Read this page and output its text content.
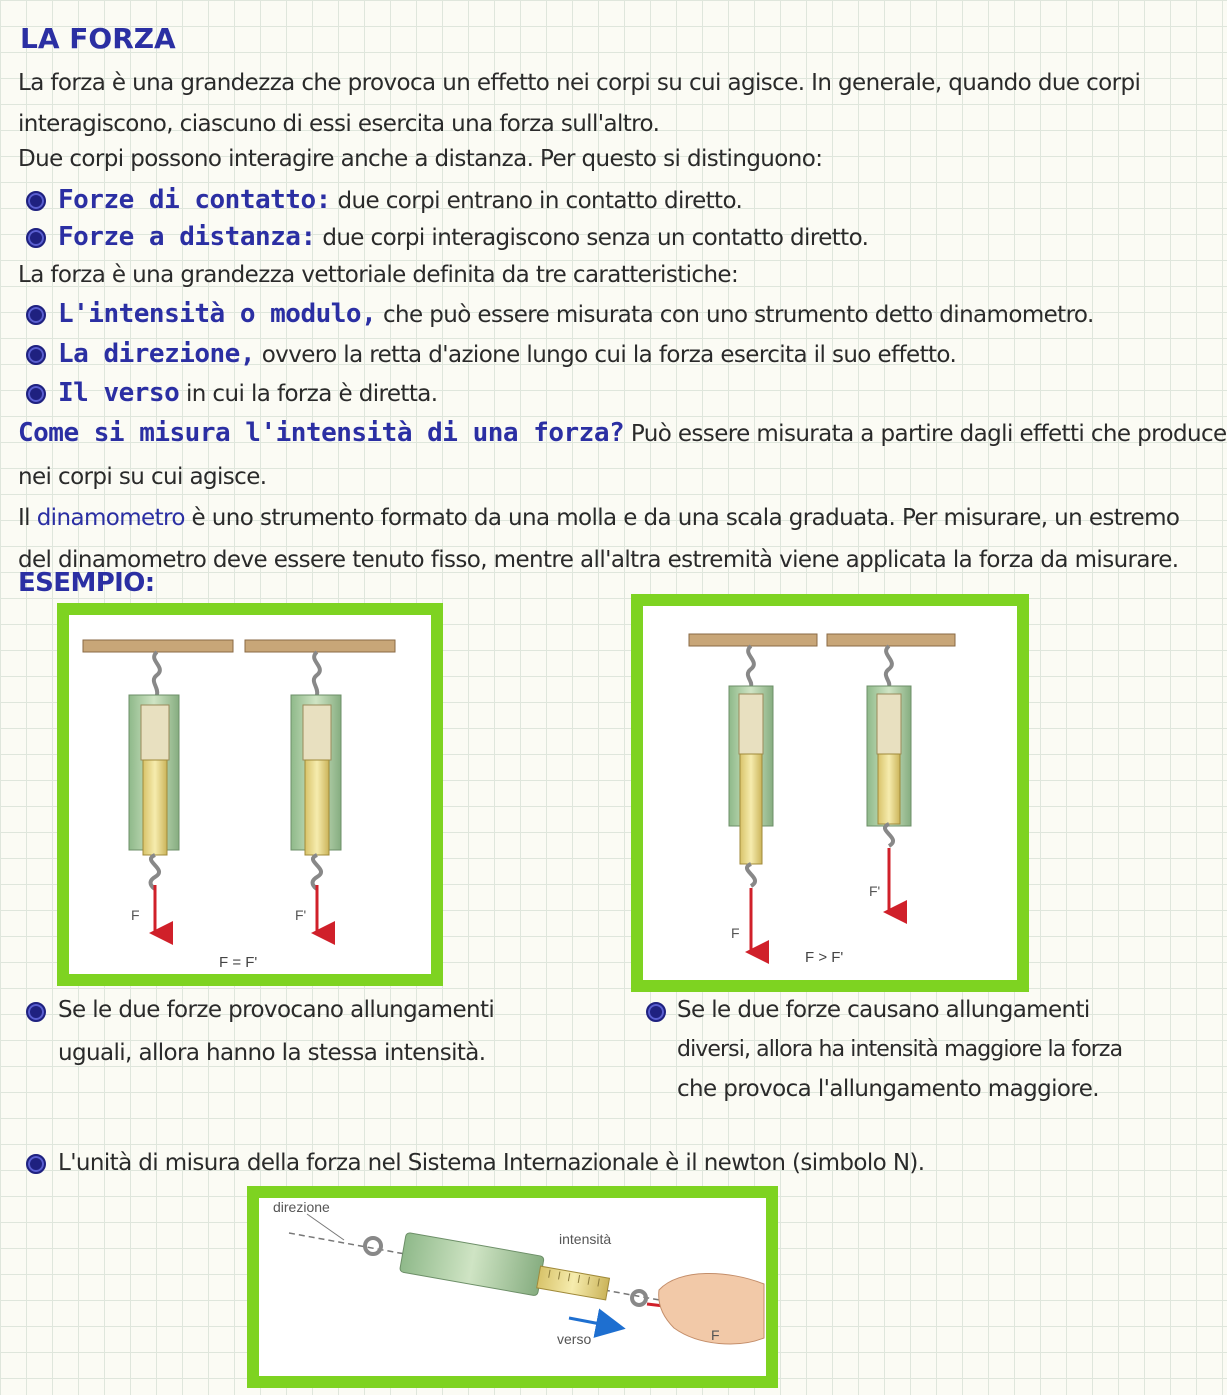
LA FORZA
La forza è una grandezza che provoca un effetto nei corpi su cui agisce. In generale, quando due corpi
interagiscono, ciascuno di essi esercita una forza sull'altro.
Due corpi possono interagire anche a distanza. Per questo si distinguono:
Forze di contatto: due corpi entrano in contatto diretto.
Forze a distanza: due corpi interagiscono senza un contatto diretto.
La forza è una grandezza vettoriale definita da tre caratteristiche:
L'intensità o modulo, che può essere misurata con uno strumento detto dinamometro.
La direzione, ovvero la retta d'azione lungo cui la forza esercita il suo effetto.
Il verso in cui la forza è diretta.
Come si misura l'intensità di una forza? Può essere misurata a partire dagli effetti che produce
nei corpi su cui agisce.
Il dinamometro è uno strumento formato da una molla e da una scala graduata. Per misurare, un estremo
del dinamometro deve essere tenuto fisso, mentre all'altra estremità viene applicata la forza da misurare.
ESEMPIO:
F	F'
F = F'
F
F'
F > F'
Se le due forze provocano allungamenti
uguali, allora hanno la stessa intensità.
Se le due forze causano allungamenti
diversi, allora ha intensità maggiore la forza
che provoca l'allungamento maggiore.
L'unità di misura della forza nel Sistema Internazionale è il newton (simbolo N).
direzione
intensità
verso	F
